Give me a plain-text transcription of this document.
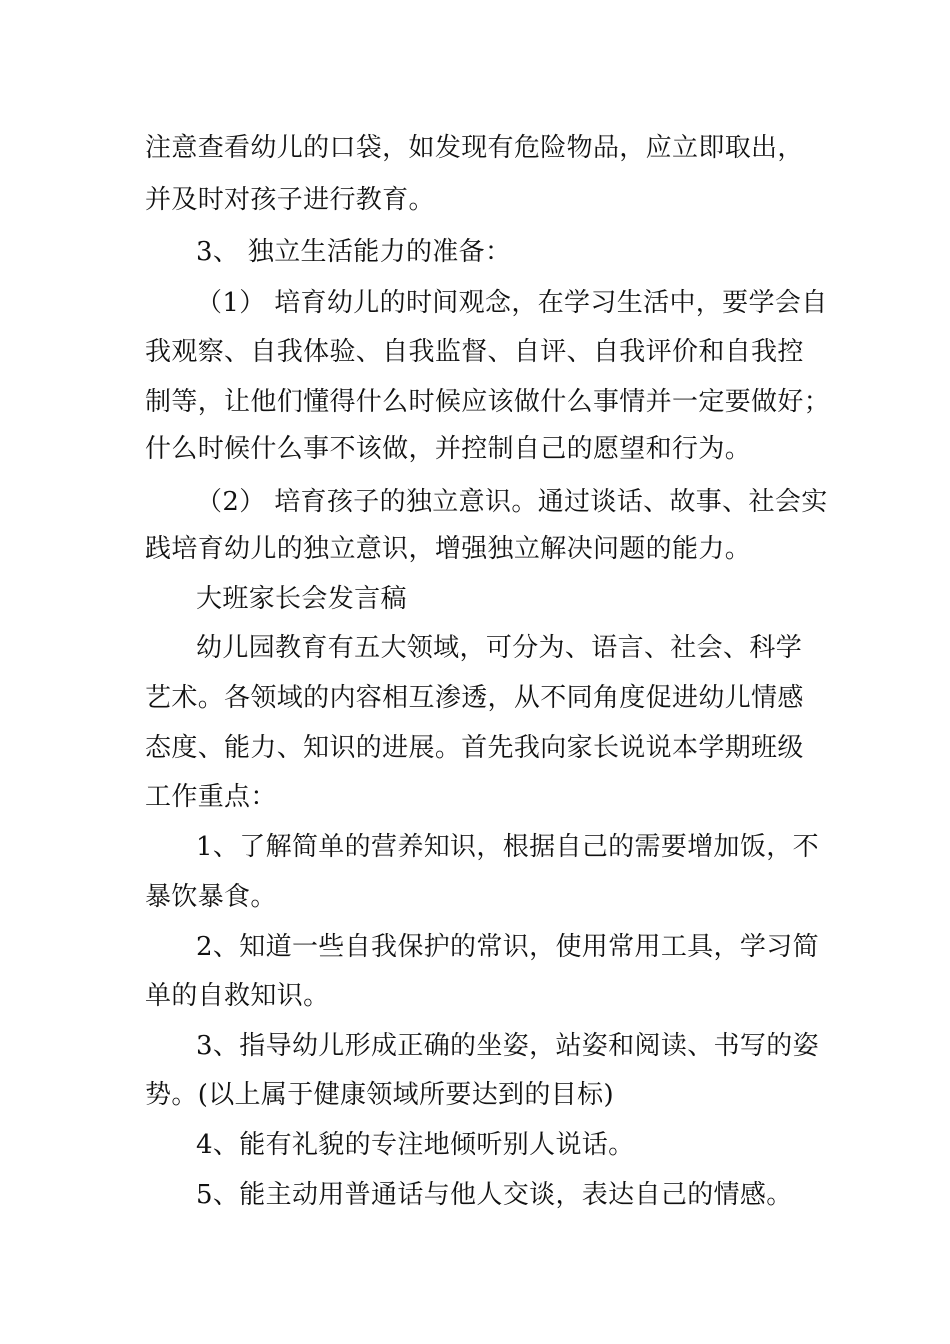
注意查看幼儿的口袋，如发现有危险物品，应立即取出，
并及时对孩子进行教育。
3、 独立生活能力的准备：
（1） 培育幼儿的时间观念，在学习生活中，要学会自
我观察、自我体验、自我监督、自评、自我评价和自我控
制等，让他们懂得什么时候应该做什么事情并一定要做好；
什么时候什么事不该做，并控制自己的愿望和行为。
（2） 培育孩子的独立意识。通过谈话、故事、社会实
践培育幼儿的独立意识，增强独立解决问题的能力。
大班家长会发言稿
幼儿园教育有五大领域，可分为、语言、社会、科学
艺术。各领域的内容相互渗透，从不同角度促进幼儿情感
态度、能力、知识的进展。首先我向家长说说本学期班级
工作重点：
1、了解简单的营养知识，根据自己的需要增加饭，不
暴饮暴食。
2、知道一些自我保护的常识，使用常用工具，学习简
单的自救知识。
3、指导幼儿形成正确的坐姿，站姿和阅读、书写的姿
势。(以上属于健康领域所要达到的目标)
4、能有礼貌的专注地倾听别人说话。
5、能主动用普通话与他人交谈，表达自己的情感。
